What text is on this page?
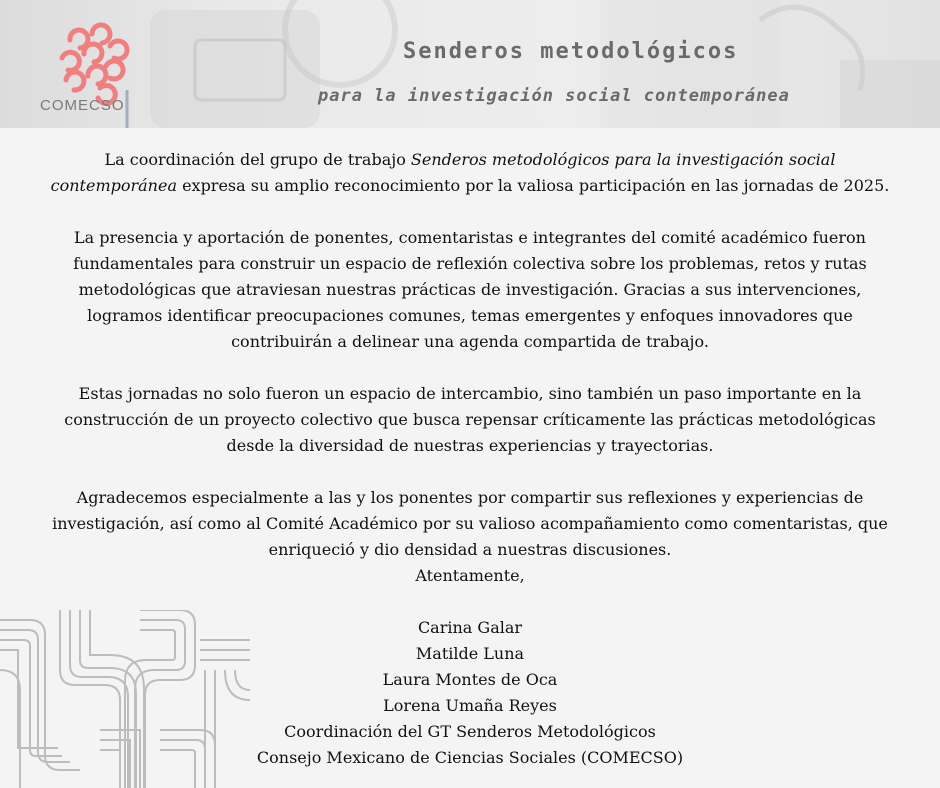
COMECSO
Senderos metodológicos
para la investigación social contemporánea

La coordinación del grupo de trabajo Senderos metodológicos para la investigación social contemporánea expresa su amplio reconocimiento por la valiosa participación en las jornadas de 2025.

La presencia y aportación de ponentes, comentaristas e integrantes del comité académico fueron fundamentales para construir un espacio de reflexión colectiva sobre los problemas, retos y rutas metodológicas que atraviesan nuestras prácticas de investigación. Gracias a sus intervenciones, logramos identificar preocupaciones comunes, temas emergentes y enfoques innovadores que contribuirán a delinear una agenda compartida de trabajo.

Estas jornadas no solo fueron un espacio de intercambio, sino también un paso importante en la construcción de un proyecto colectivo que busca repensar críticamente las prácticas metodológicas desde la diversidad de nuestras experiencias y trayectorias.

Agradecemos especialmente a las y los ponentes por compartir sus reflexiones y experiencias de investigación, así como al Comité Académico por su valioso acompañamiento como comentaristas, que enriqueció y dio densidad a nuestras discusiones.

Atentamente,

Carina Galar

Matilde Luna

Laura Montes de Oca

Lorena Umaña Reyes

Coordinación del GT Senderos Metodológicos

Consejo Mexicano de Ciencias Sociales (COMECSO)
